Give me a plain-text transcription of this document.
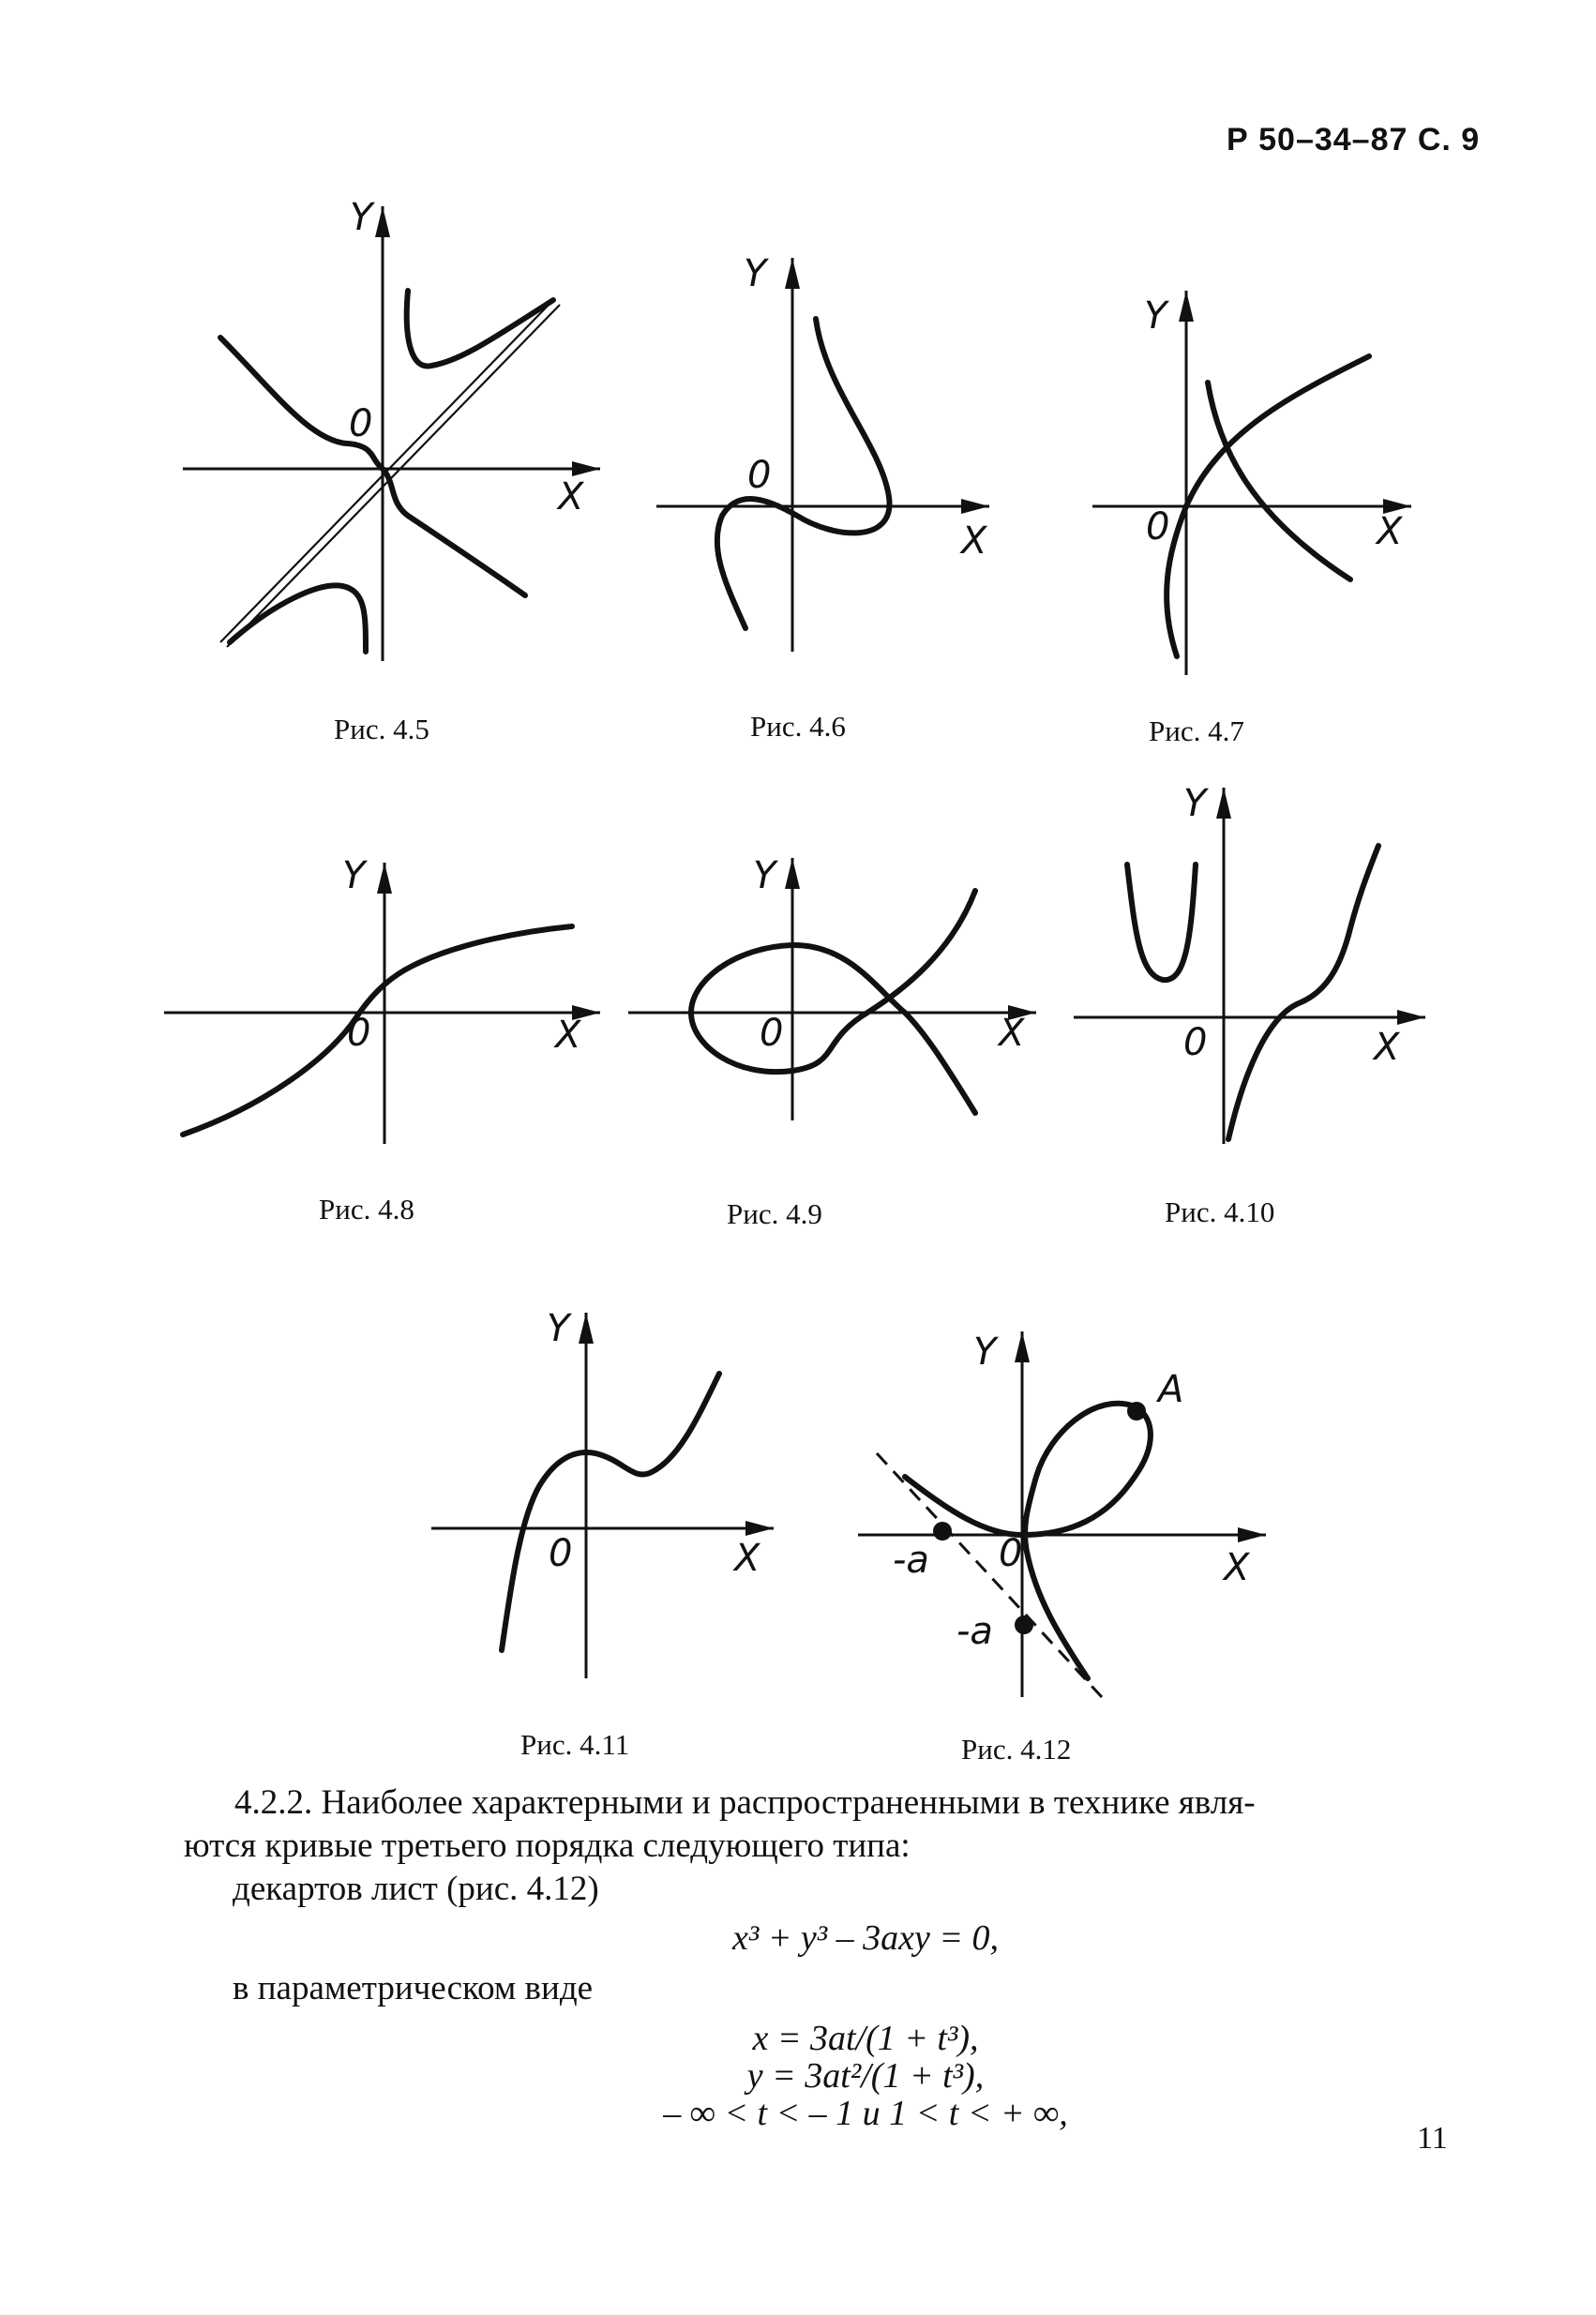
Р 50–34–87 С. 9
Y
0
X
Рис. 4.5
Y
0
X
Рис. 4.6
Y
0	X
Рис. 4.7
Y
0	X
Рис. 4.8
Y
0	X
Рис. 4.9
Y
0	X
Рис. 4.10
Y
0	X
Рис. 4.11
Y
0	X
A
-a
-a
Рис. 4.12

4.2.2. Наиболее характерными и распространенными в технике явля-

ются кривые третьего порядка следующего типа:

декартов лист (рис. 4.12)

x³ + y³ – 3axy = 0,

в параметрическом виде

x = 3at/(1 + t³),

y = 3at²/(1 + t³),

– ∞ < t < – 1 и 1 < t < + ∞,

11
